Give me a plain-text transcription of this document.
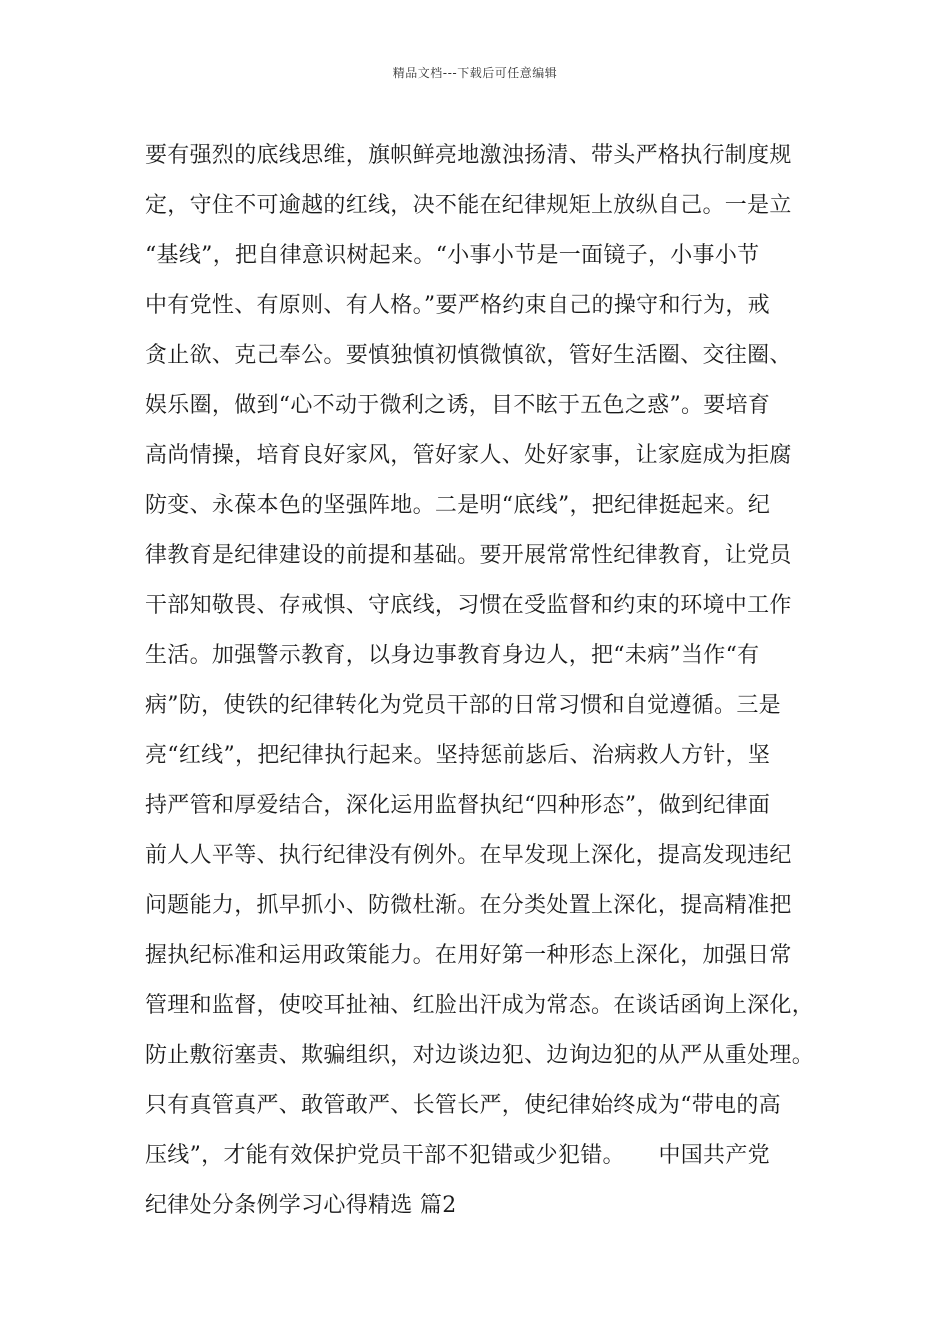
精品文档---下载后可任意编辑
要有强烈的底线思维，旗帜鲜亮地激浊扬清、带头严格执行制度规
定，守住不可逾越的红线，决不能在纪律规矩上放纵自己。一是立
“基线”，把自律意识树起来。“小事小节是一面镜子，小事小节
中有党性、有原则、有人格。”要严格约束自己的操守和行为，戒
贪止欲、克己奉公。要慎独慎初慎微慎欲，管好生活圈、交往圈、
娱乐圈，做到“心不动于微利之诱，目不眩于五色之惑”。要培育
高尚情操，培育良好家风，管好家人、处好家事，让家庭成为拒腐
防变、永葆本色的坚强阵地。二是明“底线”，把纪律挺起来。纪
律教育是纪律建设的前提和基础。要开展常常性纪律教育，让党员
干部知敬畏、存戒惧、守底线，习惯在受监督和约束的环境中工作
生活。加强警示教育，以身边事教育身边人，把“未病”当作“有
病”防，使铁的纪律转化为党员干部的日常习惯和自觉遵循。三是
亮“红线”，把纪律执行起来。坚持惩前毖后、治病救人方针，坚
持严管和厚爱结合，深化运用监督执纪“四种形态”，做到纪律面
前人人平等、执行纪律没有例外。在早发现上深化，提高发现违纪
问题能力，抓早抓小、防微杜渐。在分类处置上深化，提高精准把
握执纪标准和运用政策能力。在用好第一种形态上深化，加强日常
管理和监督，使咬耳扯袖、红脸出汗成为常态。在谈话函询上深化，
防止敷衍塞责、欺骗组织，对边谈边犯、边询边犯的从严从重处理。
只有真管真严、敢管敢严、长管长严，使纪律始终成为“带电的高
压线”，才能有效保护党员干部不犯错或少犯错。　　中国共产党
纪律处分条例学习心得精选 篇2
